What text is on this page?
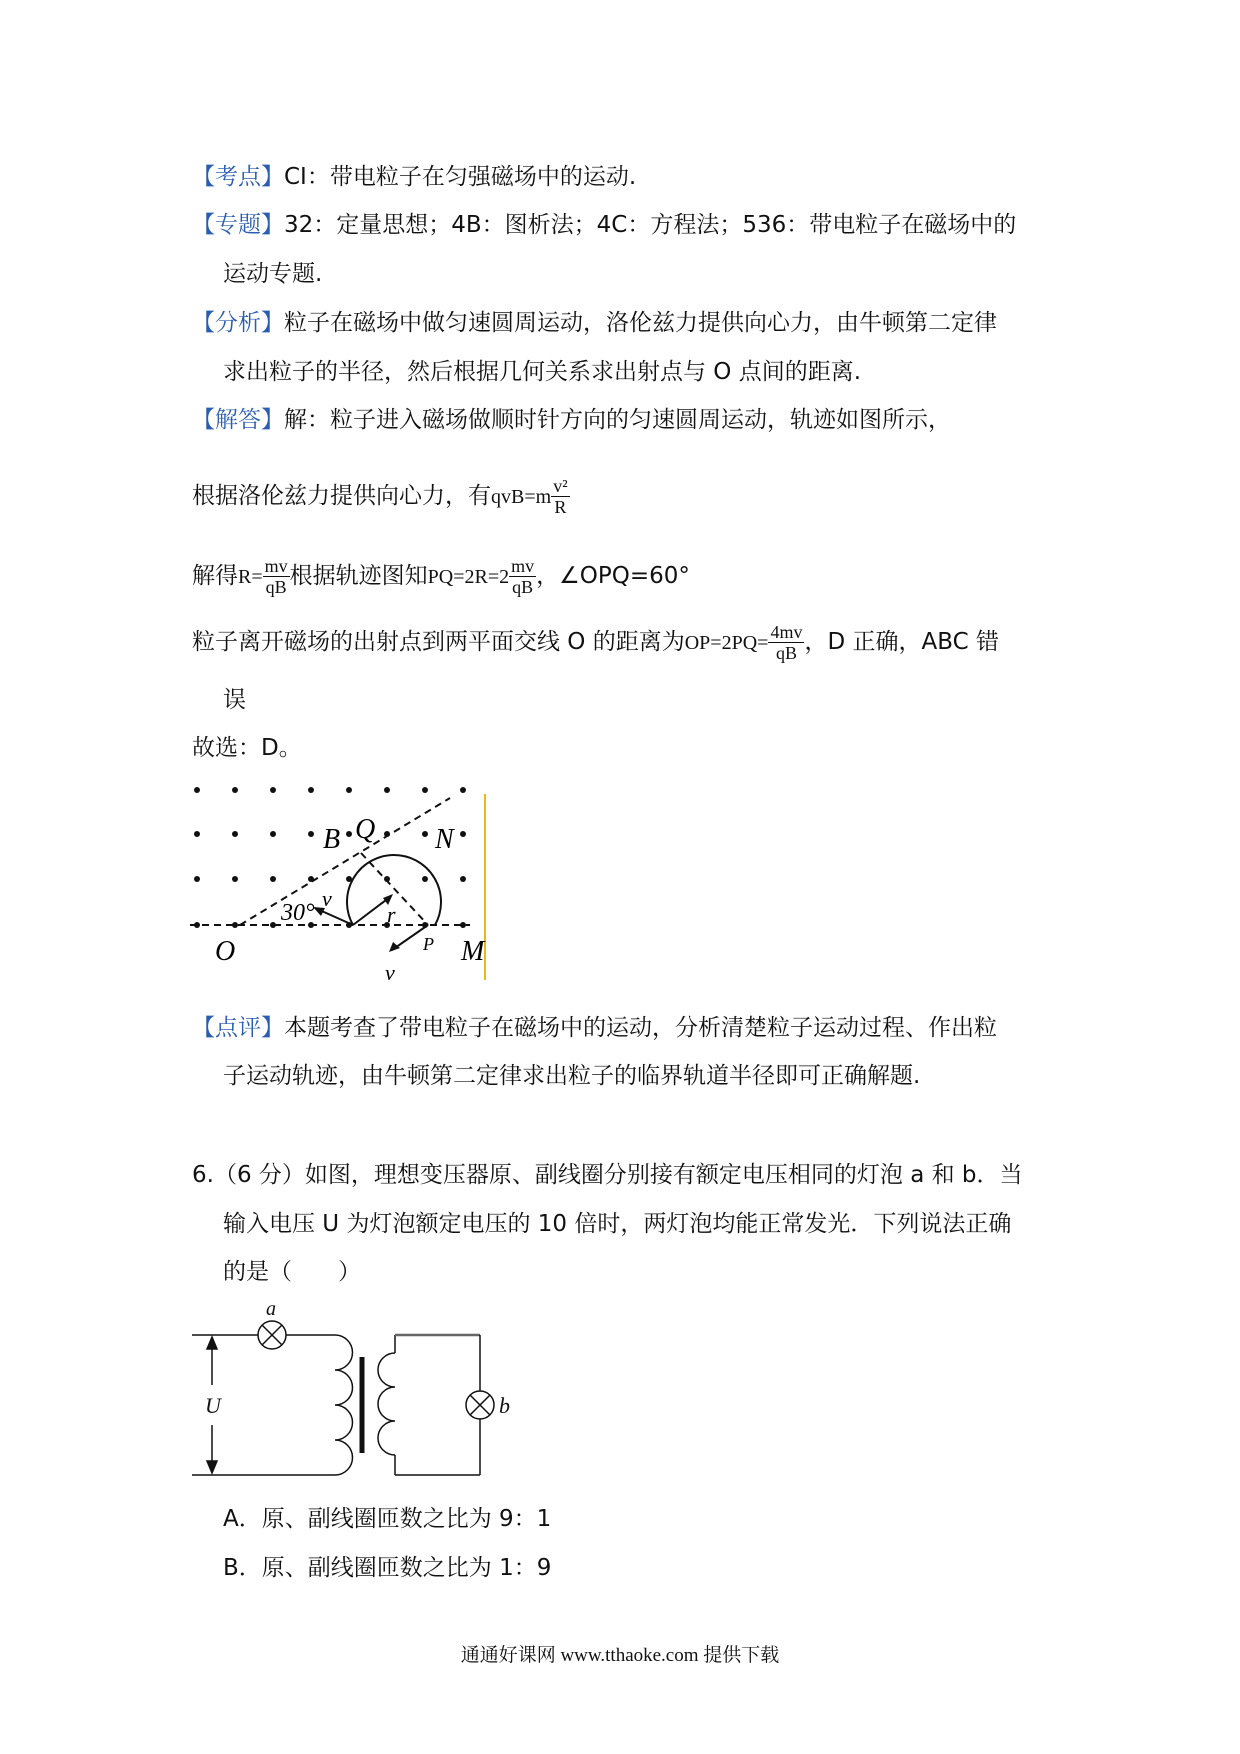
【考点】CI：带电粒子在匀强磁场中的运动.
【专题】32：定量思想；4B：图析法；4C：方程法；536：带电粒子在磁场中的
运动专题.
【分析】粒子在磁场中做匀速圆周运动，洛伦兹力提供向心力，由牛顿第二定律
求出粒子的半径，然后根据几何关系求出射点与 O 点间的距离.
【解答】解：粒子进入磁场做顺时针方向的匀速圆周运动，轨迹如图所示，
根据洛伦兹力提供向心力，有$qvB=m \frac{\text{v²}}{R}$
解得$R= \frac{mv}{qB}$ 根据轨迹图知$PQ=2R=2 \frac{mv}{qB}$ ，∠OPQ=60°
粒子离开磁场的出射点到两平面交线 O 的距离为$OP=2PQ= \frac{4mv}{qB}$ ，D 正确，ABC 错
误
故选：D。
O
B Q N
M
P
v
v
r
30°
【点评】本题考查了带电粒子在磁场中的运动，分析清楚粒子运动过程、作出粒
子运动轨迹，由牛顿第二定律求出粒子的临界轨道半径即可正确解题.
6.（6 分）如图，理想变压器原、副线圈分别接有额定电压相同的灯泡 a 和 b．当
输入电压 U 为灯泡额定电压的 10 倍时，两灯泡均能正常发光．下列说法正确
的是（　　）
U
a
b
A．原、副线圈匝数之比为 9：1
B．原、副线圈匝数之比为 1：9
通通好课网 www.tthaoke.com 提供下载
